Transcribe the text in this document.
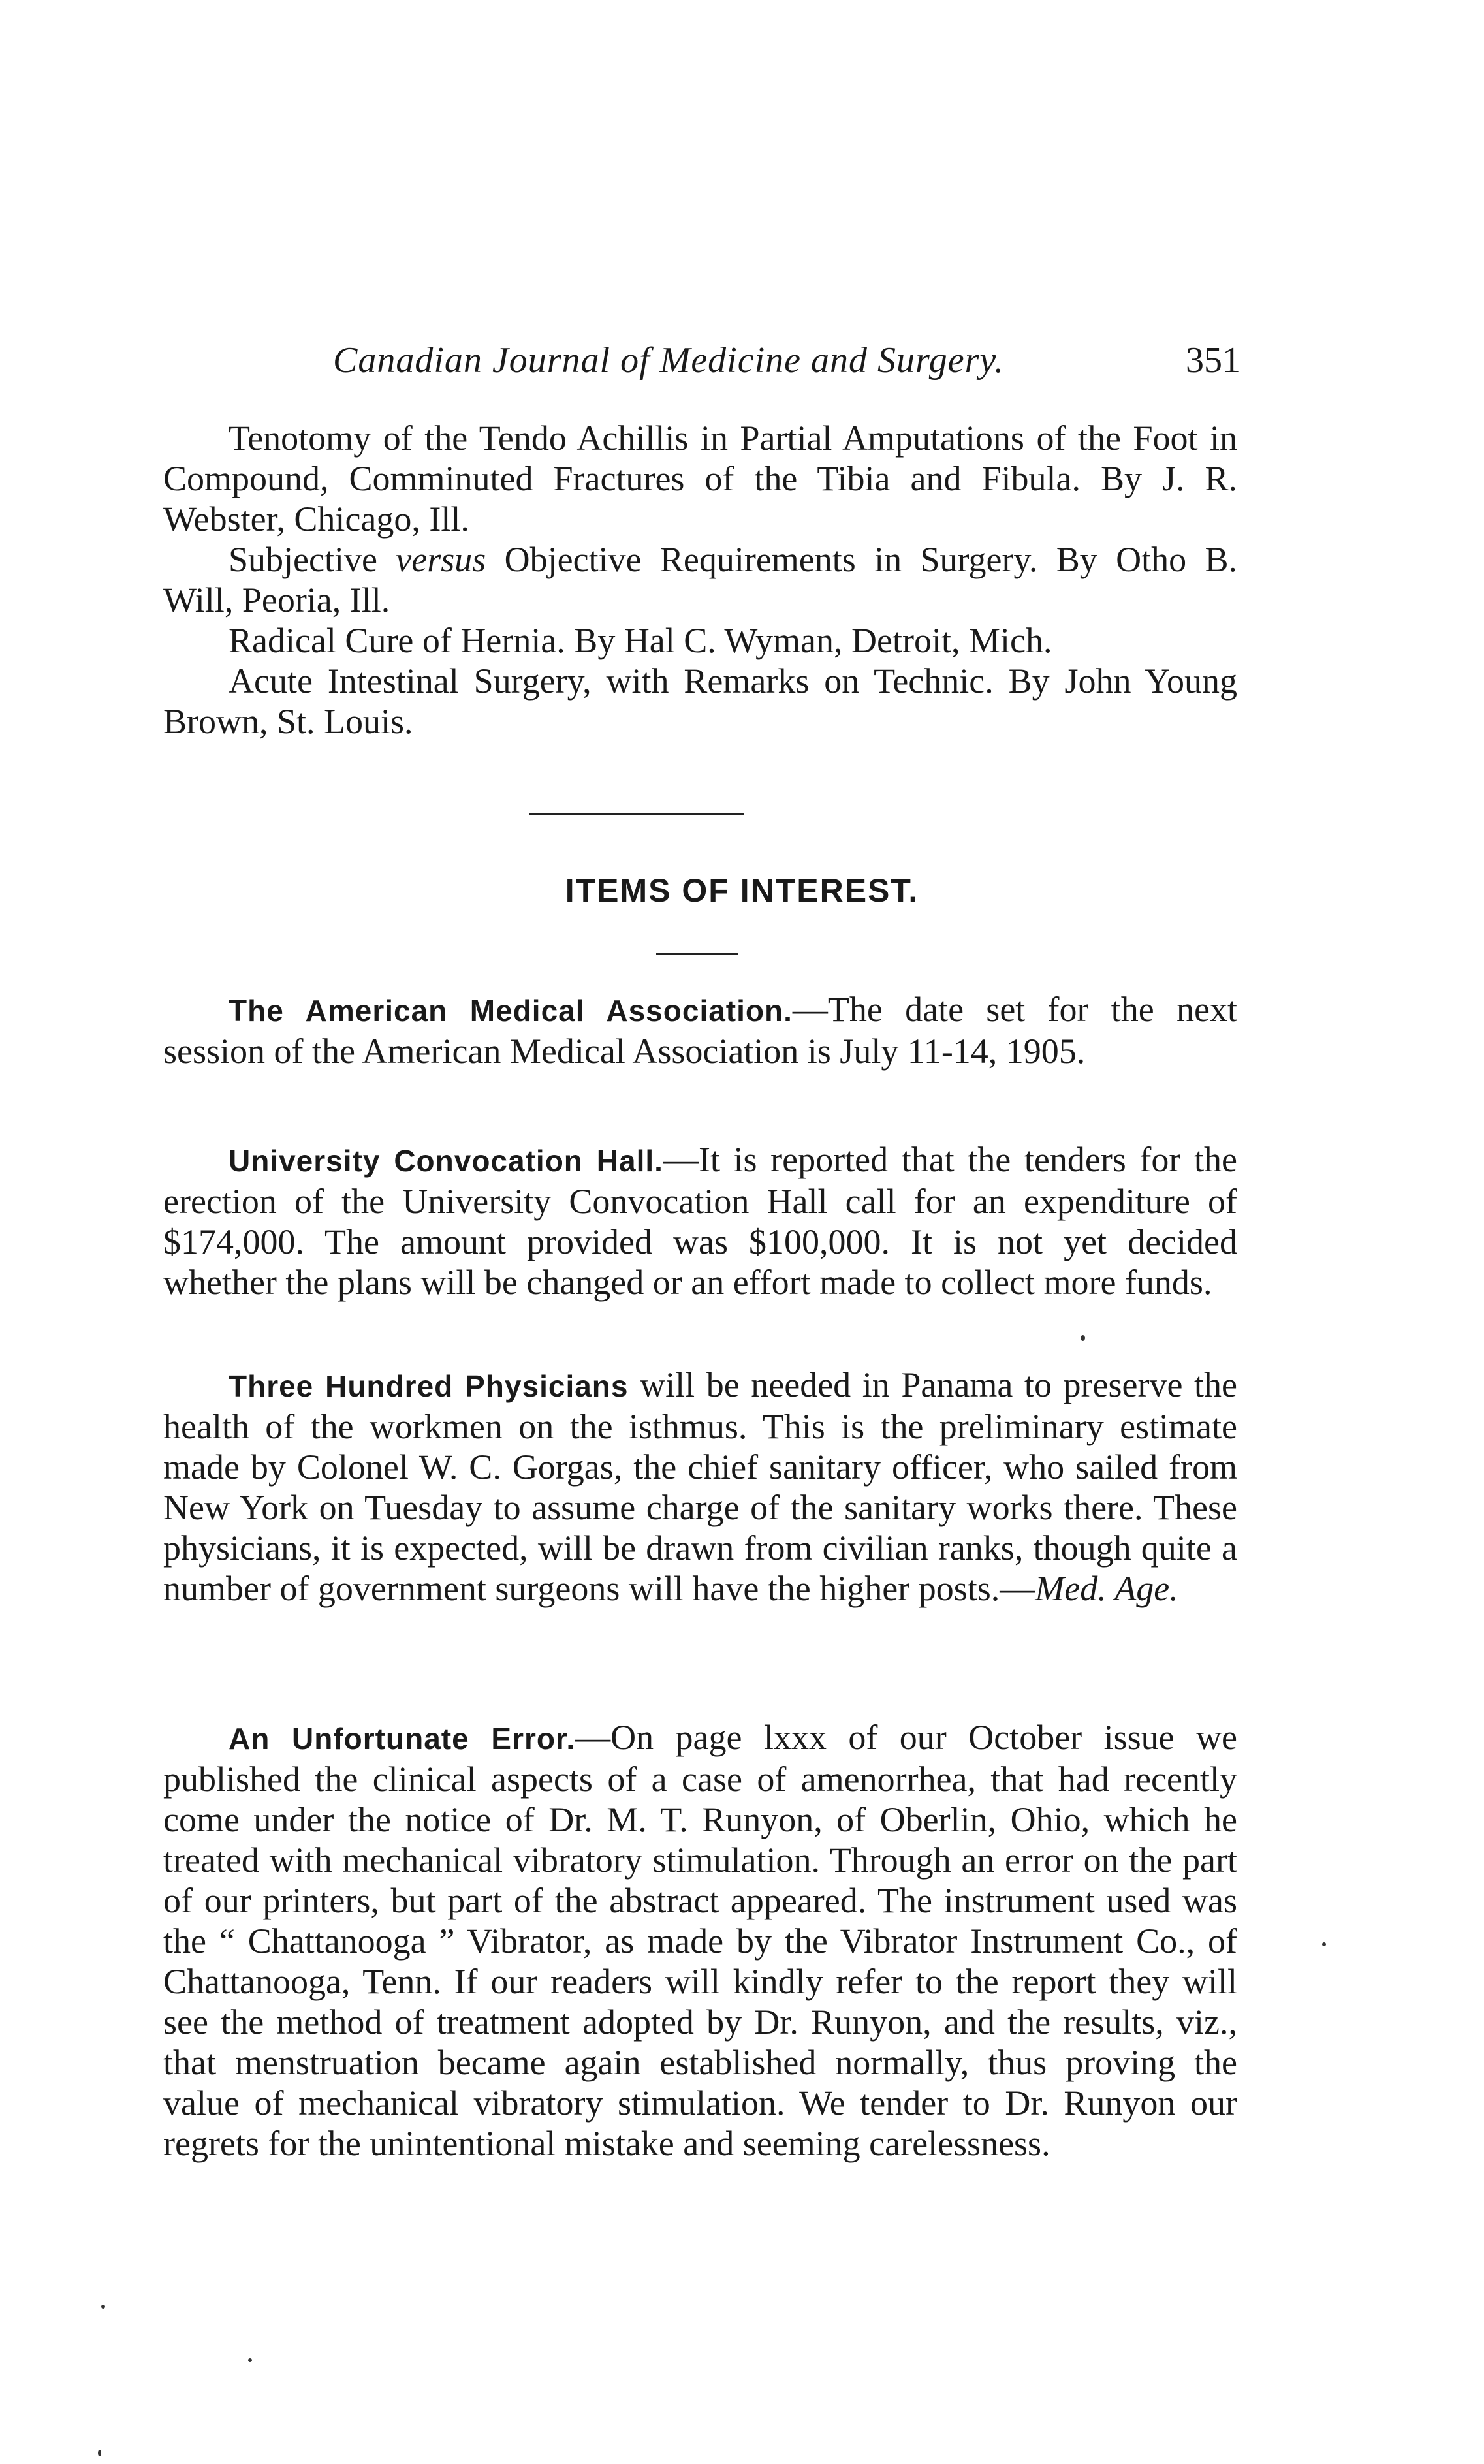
Canadian Journal of Medicine and Surgery.	351

Tenotomy of the Tendo Achillis in Partial Amputations of the Foot in Compound, Comminuted Fractures of the Tibia and Fibula. By J. R. Webster, Chicago, Ill.

Subjective versus Objective Requirements in Surgery. By Otho B. Will, Peoria, Ill.

Radical Cure of Hernia. By Hal C. Wyman, Detroit, Mich.

Acute Intestinal Surgery, with Remarks on Technic. By John Young Brown, St. Louis.

ITEMS OF INTEREST.

The American Medical Association.—The date set for the next session of the American Medical Association is July 11-14, 1905.

University Convocation Hall.—It is reported that the tenders for the erection of the University Convocation Hall call for an expenditure of $174,000. The amount provided was $100,000. It is not yet decided whether the plans will be changed or an effort made to collect more funds.

Three Hundred Physicians will be needed in Panama to preserve the health of the workmen on the isthmus. This is the preliminary estimate made by Colonel W. C. Gorgas, the chief sanitary officer, who sailed from New York on Tuesday to assume charge of the sanitary works there. These physicians, it is expected, will be drawn from civilian ranks, though quite a number of government surgeons will have the higher posts.—Med. Age.

An Unfortunate Error.—On page lxxx of our October issue we published the clinical aspects of a case of amenorrhea, that had recently come under the notice of Dr. M. T. Runyon, of Oberlin, Ohio, which he treated with mechanical vibratory stimulation. Through an error on the part of our printers, but part of the abstract appeared. The instrument used was the “ Chattanooga ” Vibrator, as made by the Vibrator Instrument Co., of Chattanooga, Tenn. If our readers will kindly refer to the report they will see the method of treatment adopted by Dr. Runyon, and the results, viz., that menstruation became again established normally, thus proving the value of mechanical vibratory stimulation. We tender to Dr. Runyon our regrets for the unintentional mistake and seeming carelessness.
